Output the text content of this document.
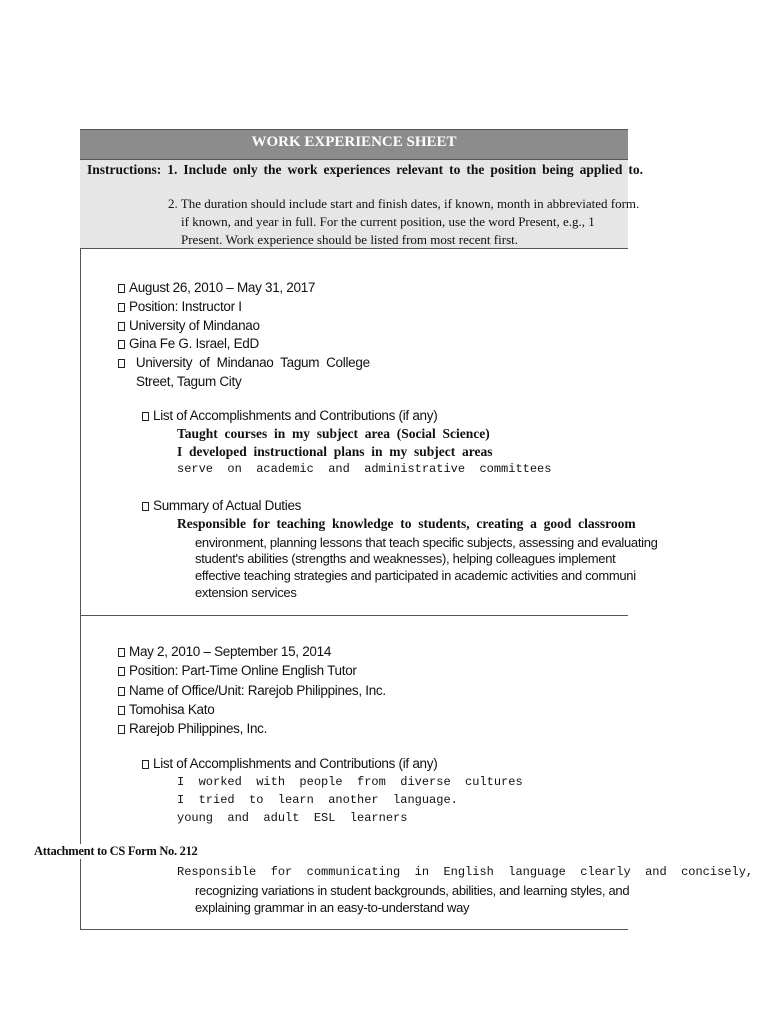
WORK EXPERIENCE SHEET
Instructions: 1. Include only the work experiences relevant to the position being applied to.
2. The duration should include start and finish dates, if known, month in abbreviated form.
if known, and year in full. For the current position, use the word Present, e.g., 1
Present. Work experience should be listed from most recent first.
August 26, 2010 – May 31, 2017
Position: Instructor I
University of Mindanao
Gina Fe G. Israel, EdD
University  of  Mindanao  Tagum  College
Street, Tagum City
List of Accomplishments and Contributions (if any)
Taught  courses  in  my  subject  area  (Social  Science)
I  developed  instructional  plans  in  my  subject  areas
serve  on  academic  and  administrative  committees
Summary of Actual Duties
Responsible  for  teaching  knowledge  to  students,  creating  a  good  classroom
environment, planning lessons that teach specific subjects, assessing and evaluating
student's abilities (strengths and weaknesses), helping colleagues implement
effective teaching strategies and participated in academic activities and communi
extension services
May 2, 2010 – September 15, 2014
Position: Part-Time Online English Tutor
Name of Office/Unit: Rarejob Philippines, Inc.
Tomohisa Kato
Rarejob Philippines, Inc.
List of Accomplishments and Contributions (if any)
I  worked  with  people  from  diverse  cultures
I  tried  to  learn  another  language.
young  and  adult  ESL  learners
Attachment to CS Form No. 212
Responsible  for  communicating  in  English  language  clearly  and  concisely,
recognizing variations in student backgrounds, abilities, and learning styles, and
explaining grammar in an easy-to-understand way
